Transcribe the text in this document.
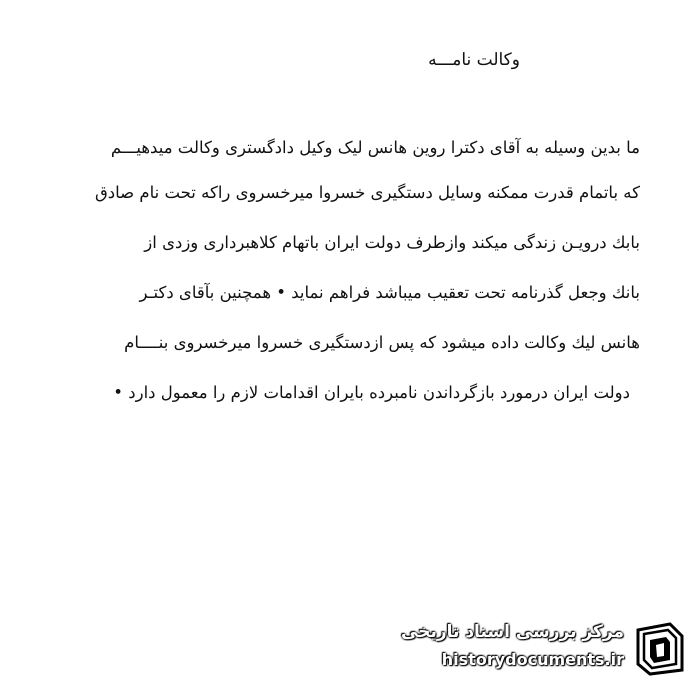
وکالت نامـــه
ما بدین وسیله به آقای دکترا روین هانس لیک وکیل دادگستری وکالت میدهیـــم
که باتمام قدرت ممکنه وسایل دستگیری خسروا میرخسروی راکه تحت نام صادق
بابك درویـن زندگی میکند وازطرف دولت ایران باتهام کلاهبرداری وزدی از
بانك وجعل گذرنامه تحت تعقیب میباشد فراهم نماید • همچنین بآقای دکتـر
هانس لیك وکالت داده میشود که پس ازدستگیری خسروا میرخسروی بنــــام
دولت ایران درمورد بازگرداندن نامبرده بایران اقدامات لازم را معمول دارد •
مرکز بررسی اسناد تاریخی
historydocuments.ir
